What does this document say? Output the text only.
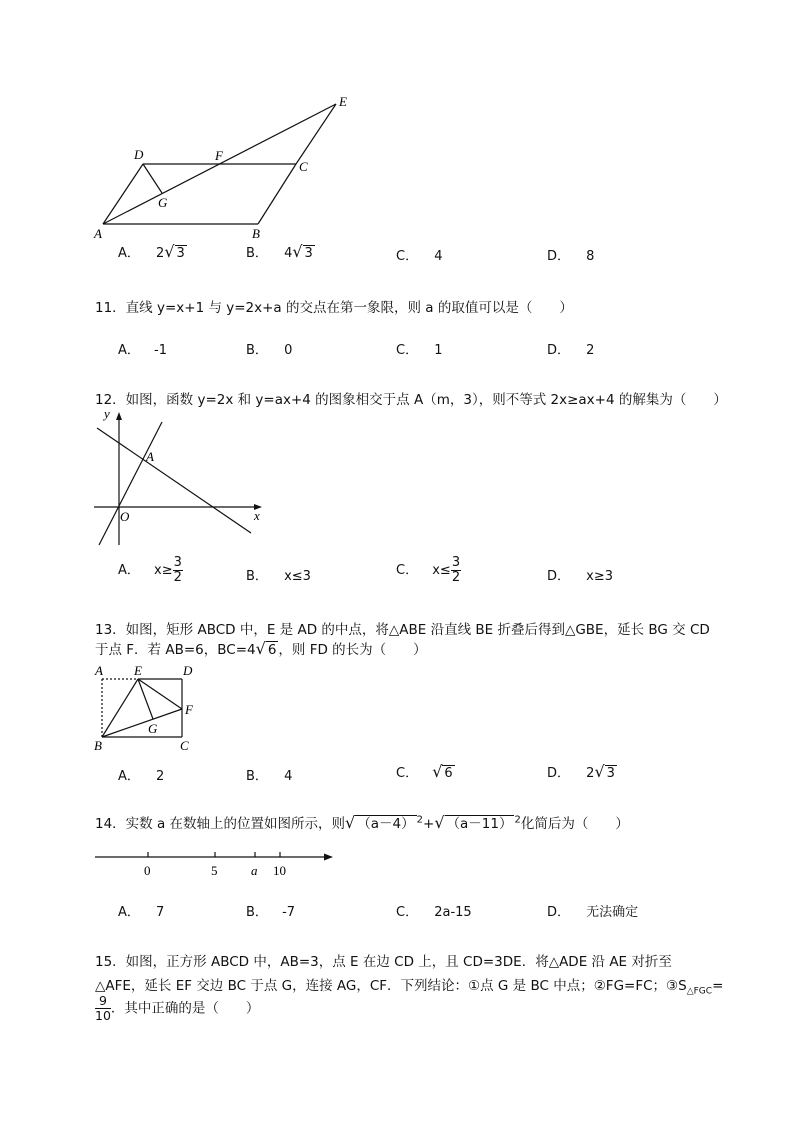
A	B
C
D
E
F
G
A． 2√ 3	B． 4√ 3	C． 4	D． 8
11．直线 y=x+1 与 y=2x+a 的交点在第一象限，则 a 的取值可以是（　　）
A． -1	B． 0	C． 1	D． 2
12．如图，函数 y=2x 和 y=ax+4 的图象相交于点 A（m，3），则不等式 2x≥ax+4 的解集为（　　）
y
x
O
A
A． $x\ge \frac{3}{2}$	B． x≤3	C． $x\le \frac{3}{2}$	D． x≥3
13．如图，矩形 ABCD 中，E 是 AD 的中点，将△ABE 沿直线 BE 折叠后得到△GBE，延长 BG 交 CD
于点 F．若 AB=6，BC=4√ 6 ，则 FD 的长为（　　）
A E	D
F
G
B	C
A． 2	B． 4	C． √ 6	D． 2√ 3
14．实数 a 在数轴上的位置如图所示，则√ （a－4） $^2$+√ （a－11） $^2$化简后为（　　）
0	5	a 10
A． 7	B． -7	C． 2a-15	D． 无法确定
15．如图，正方形 ABCD 中，AB=3，点 E 在边 CD 上，且 CD=3DE．将△ADE 沿 AE 对折至
△AFE，延长 EF 交边 BC 于点 G，连接 AG，CF．下列结论：①点 G 是 BC 中点；②FG=FC；$③S_{\triangle FGC}=$
$\frac{9}{10}$ ．其中正确的是（　　）
